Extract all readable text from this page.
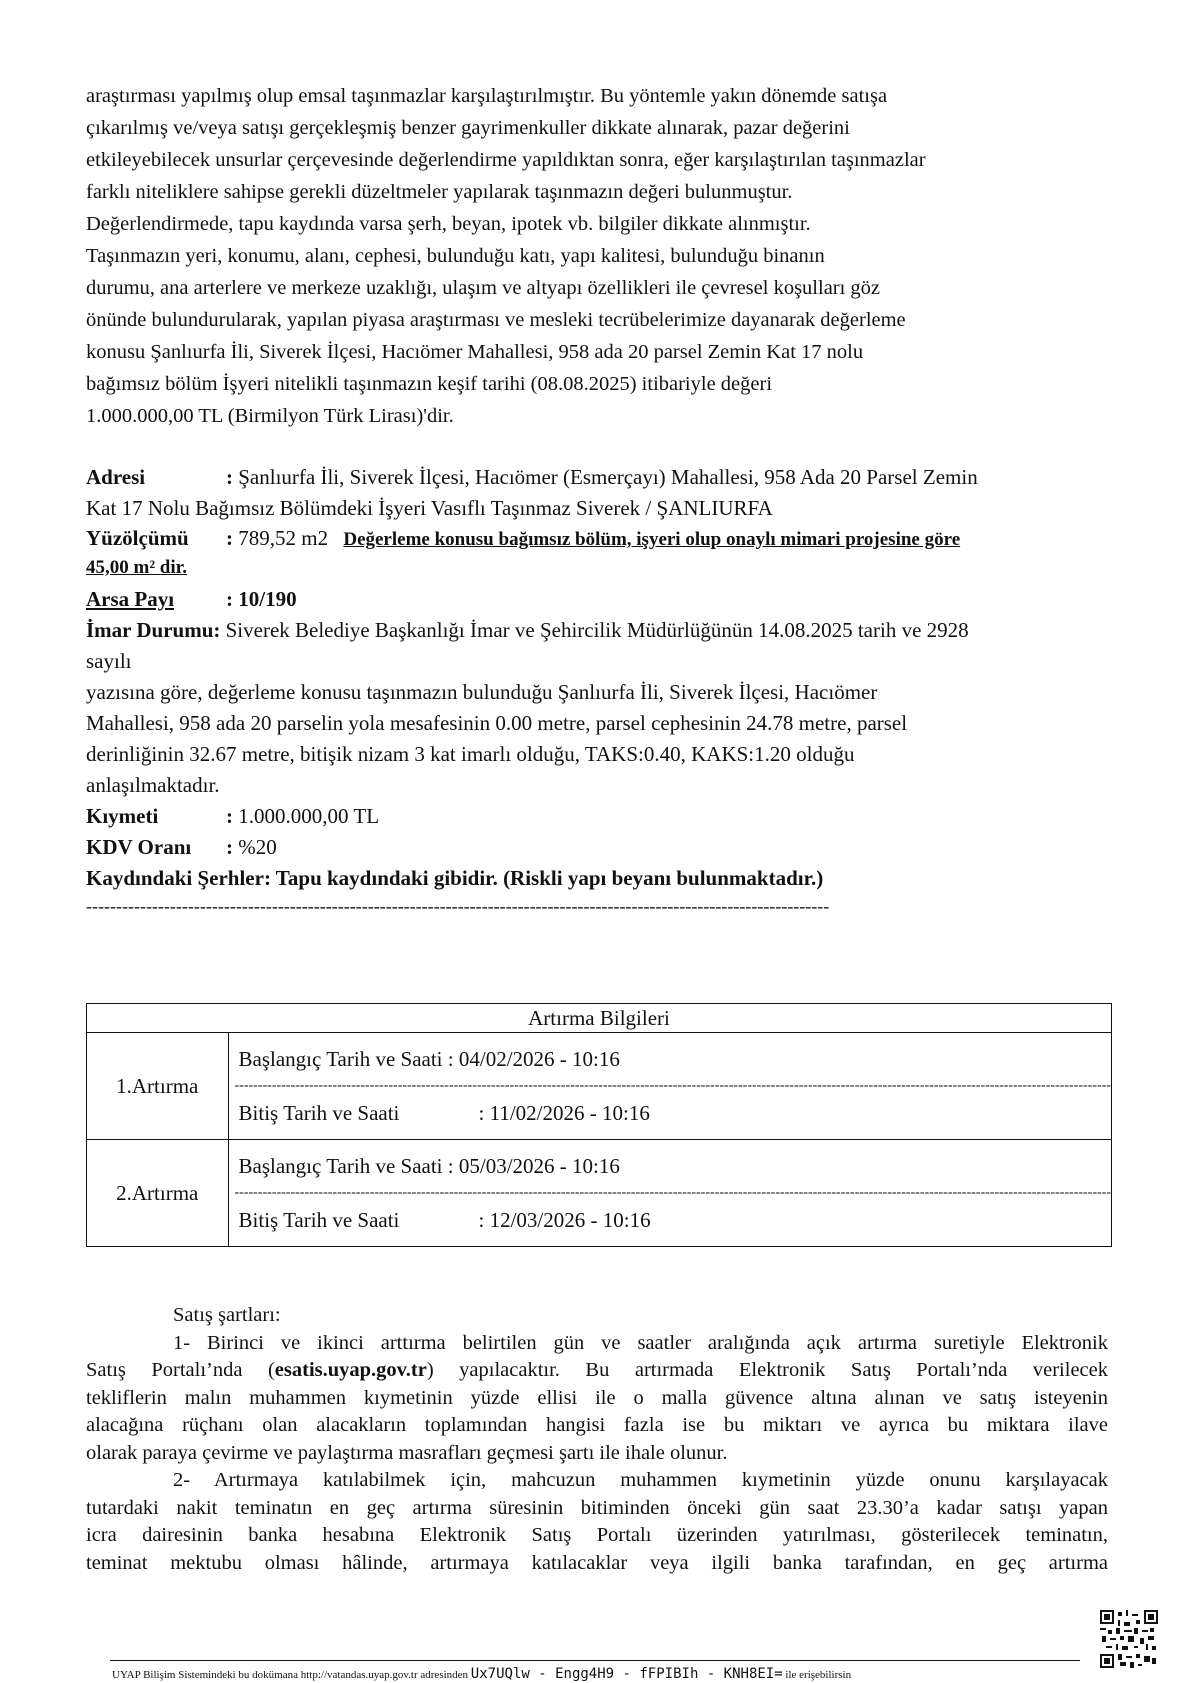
araştırması yapılmış olup emsal taşınmazlar karşılaştırılmıştır. Bu yöntemle yakın dönemde satışa
çıkarılmış ve/veya satışı gerçekleşmiş benzer gayrimenkuller dikkate alınarak, pazar değerini
etkileyebilecek unsurlar çerçevesinde değerlendirme yapıldıktan sonra, eğer karşılaştırılan taşınmazlar
farklı niteliklere sahipse gerekli düzeltmeler yapılarak taşınmazın değeri bulunmuştur.
Değerlendirmede, tapu kaydında varsa şerh, beyan, ipotek vb. bilgiler dikkate alınmıştır.
Taşınmazın yeri, konumu, alanı, cephesi, bulunduğu katı, yapı kalitesi, bulunduğu binanın
durumu, ana arterlere ve merkeze uzaklığı, ulaşım ve altyapı özellikleri ile çevresel koşulları göz
önünde bulundurularak, yapılan piyasa araştırması ve mesleki tecrübelerimize dayanarak değerleme
konusu Şanlıurfa İli, Siverek İlçesi, Hacıömer Mahallesi, 958 ada 20 parsel Zemin Kat 17 nolu
bağımsız bölüm İşyeri nitelikli taşınmazın keşif tarihi (08.08.2025) itibariyle değeri
1.000.000,00 TL (Birmilyon Türk Lirası)'dir.
Adresi	: Şanlıurfa İli, Siverek İlçesi, Hacıömer (Esmerçayı) Mahallesi, 958 Ada 20 Parsel Zemin
Kat 17 Nolu Bağımsız Bölümdeki İşyeri Vasıflı Taşınmaz Siverek / ŞANLIURFA
Yüzölçümü : 789,52 m2 Değerleme konusu bağımsız bölüm, işyeri olup onaylı mimari projesine göre
45,00 m² dir.
Arsa Payı : 10/190
İmar Durumu: Siverek Belediye Başkanlığı İmar ve Şehircilik Müdürlüğünün 14.08.2025 tarih ve 2928
sayılı
yazısına göre, değerleme konusu taşınmazın bulunduğu Şanlıurfa İli, Siverek İlçesi, Hacıömer
Mahallesi, 958 ada 20 parselin yola mesafesinin 0.00 metre, parsel cephesinin 24.78 metre, parsel
derinliğinin 32.67 metre, bitişik nizam 3 kat imarlı olduğu, TAKS:0.40, KAKS:1.20 olduğu
anlaşılmaktadır.
Kıymeti	: 1.000.000,00 TL
KDV Oranı : %20
Kaydındaki Şerhler: Tapu kaydındaki gibidir. (Riskli yapı beyanı bulunmaktadır.)
----------------------------------------------------------------------------------------------------------------------------
Artırma Bilgileri	
1.Artırma	Başlangıç Tarih ve Saati : 04/02/2026 - 10:16
--------------------------------------------------------------------------------------------------------------------------------------------------------------------------------------------
Bitiş Tarih ve Saati : 11/02/2026 - 10:16

2.Artırma	Başlangıç Tarih ve Saati : 05/03/2026 - 10:16
--------------------------------------------------------------------------------------------------------------------------------------------------------------------------------------------
Bitiş Tarih ve Saati : 12/03/2026 - 10:16
Satış şartları:
1- Birinci ve ikinci arttırma belirtilen gün ve saatler aralığında açık artırma suretiyle Elektronik
Satış Portalı’nda (esatis.uyap.gov.tr) yapılacaktır. Bu artırmada Elektronik Satış Portalı’nda verilecek
tekliflerin malın muhammen kıymetinin yüzde ellisi ile o malla güvence altına alınan ve satış isteyenin
alacağına rüçhanı olan alacakların toplamından hangisi fazla ise bu miktarı ve ayrıca bu miktara ilave
olarak paraya çevirme ve paylaştırma masrafları geçmesi şartı ile ihale olunur.
2- Artırmaya katılabilmek için, mahcuzun muhammen kıymetinin yüzde onunu karşılayacak
tutardaki nakit teminatın en geç artırma süresinin bitiminden önceki gün saat 23.30’a kadar satışı yapan
icra dairesinin banka hesabına Elektronik Satış Portalı üzerinden yatırılması, gösterilecek teminatın,
teminat mektubu olması hâlinde, artırmaya katılacaklar veya ilgili banka tarafından, en geç artırma
UYAP Bilişim Sistemindeki bu dokümana http://vatandas.uyap.gov.tr adresinden Ux7UQlw - Engg4H9 - fFPIBIh - KNH8EI= ile erişebilirsin
